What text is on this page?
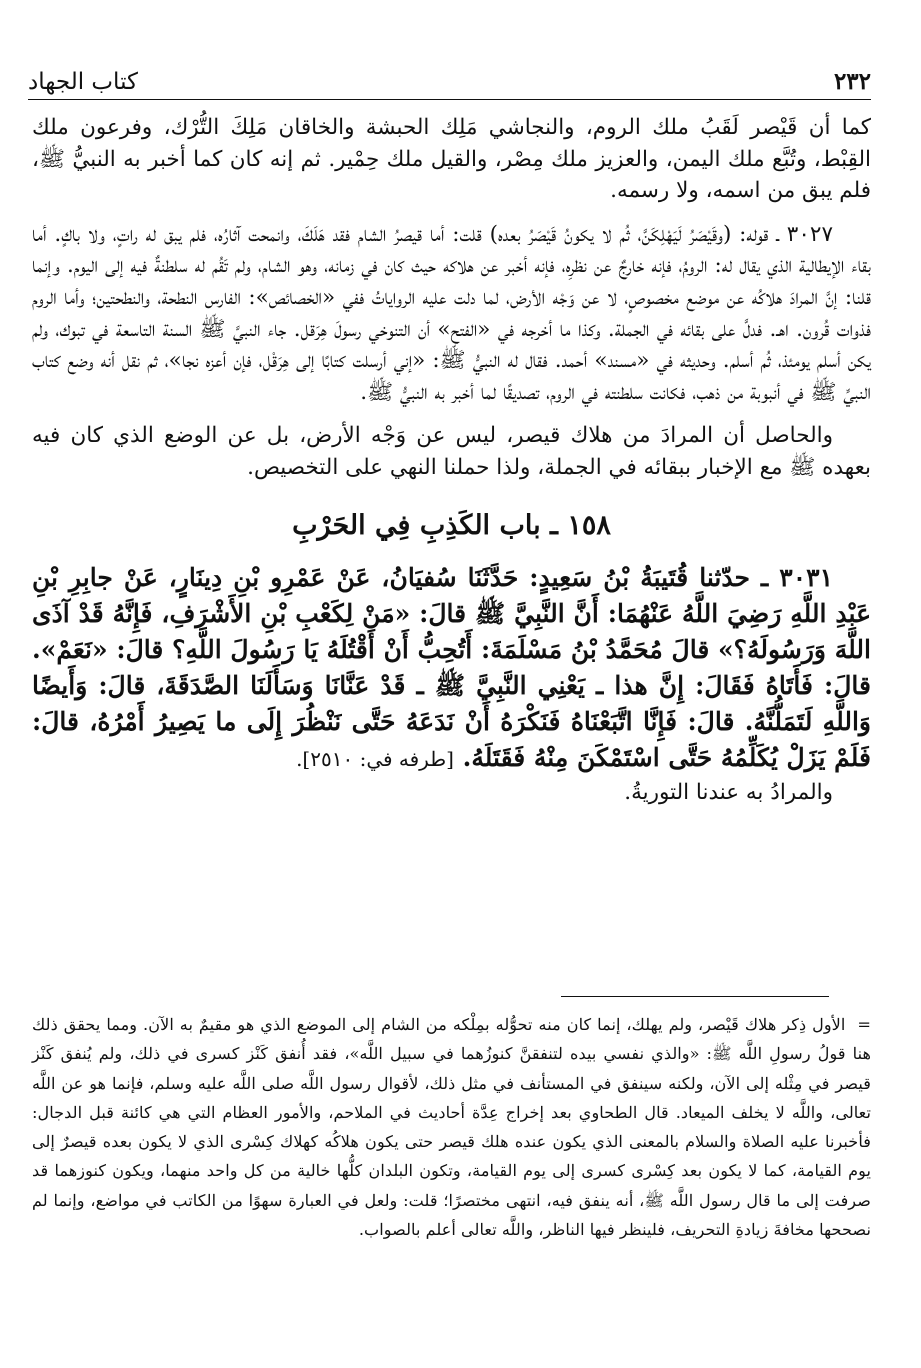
٢٣٢
كتاب الجهاد

كما أن قَيْصر لَقَبُ ملك الروم، والنجاشي مَلِك الحبشة والخاقان مَلِكَ التُّرْك، وفرعون ملك القِبْط، وتُبَّع ملك اليمن، والعزيز ملك مِصْر، والقيل ملك حِمْير. ثم إنه كان كما أخبر به النبيُّ ﷺ، فلم يبق من اسمه، ولا رسمه.

٣٠٢٧ ـ قوله: (وقَيْصَرُ لَيَهْلِكَنَّ، ثُم لا يكونُ قَيْصَرُ بعده) قلت: أما قيصرُ الشام فقد هَلَكَ، وانمحت آثارُه، فلم يبق له راتٍ، ولا باكٍ. أما بقاء الإيطالية الذي يقال له: الرومُ، فإنه خارجٌ عن نظرِه، فإنه أخبر عن هلاكه حيث كان في زمانه، وهو الشام، ولم تَقُم له سلطنةٌ فيه إلى اليوم. وإنما قلنا: إنَّ المرادَ هلاكُه عن موضع مخصوصٍ، لا عن وَجْه الأرض، لما دلت عليه الرواياتُ ففي «الخصائص»: الفارس النطحة، والنطحتين؛ وأما الروم فذوات قُرون. اهـ. فدلَّ على بقائه في الجملة. وكذا ما أخرجه في «الفتح» أن التنوخي رسولَ هِرَقل. جاء النبيَّ ﷺ السنة التاسعة في تبوك، ولم يكن أسلم يومئذ، ثُم أسلم. وحديثه في «مسند» أحمد. فقال له النبيُّ ﷺ: «إني أرسلت كتابًا إلى هِرَقْل، فإن أعزه نجا»، ثم نقل أنه وضع كتاب النبيِّ ﷺ في أنبوبة من ذهب، فكانت سلطنته في الروم، تصديقًا لما أخبر به النبيُّ ﷺ.

والحاصل أن المرادَ من هلاك قيصر، ليس عن وَجْه الأرض، بل عن الوضع الذي كان فيه بعهده ﷺ مع الإخبار ببقائه في الجملة، ولذا حملنا النهي على التخصيص.

١٥٨ ـ باب الكَذِبِ فِي الحَرْبِ

٣٠٣١ ـ حدّثنا قُتَيبَةُ بْنُ سَعِيدٍ: حَدَّثَنَا سُفيَانُ، عَنْ عَمْرِو بْنِ دِينَارٍ، عَنْ جابِرِ بْنِ عَبْدِ اللَّهِ رَضِيَ اللَّهُ عَنْهُمَا: أَنَّ النَّبِيَّ ﷺ قالَ: «مَنْ لِكَعْبِ بْنِ الأَشْرَفِ، فَإِنَّهُ قَدْ آذَى اللَّهَ وَرَسُولَهُ؟» قالَ مُحَمَّدُ بْنُ مَسْلَمَةَ: أَتُحِبُّ أَنْ أَقْتُلَهُ يَا رَسُولَ اللَّهِ؟ قالَ: «نَعَمْ». قالَ: فَأَتَاهُ فَقَالَ: إِنَّ هذا ـ يَعْنِي النَّبِيَّ ﷺ ـ قَدْ عَنَّانَا وَسَأَلَنَا الصَّدَقَةَ، قالَ: وَأَيضًا وَاللَّهِ لَتَمَلُّنَّهُ. قالَ: فَإِنَّا اتَّبَعْنَاهُ فَنَكْرَهُ أَنْ نَدَعَهُ حَتَّى نَنْظُرَ إِلَى ما يَصِيرُ أَمْرُهُ، قالَ: فَلَمْ يَزَلْ يُكَلِّمُهُ حَتَّى اسْتَمْكَنَ مِنْهُ فَقَتَلَهُ. [طرفه في: ٢٥١٠].

والمرادُ به عندنا التوريةُ.

=الأول ذِكر هلاك قَيْصر، ولم يهلك، إنما كان منه تحوُّله بمِلْكه من الشام إلى الموضع الذي هو مقيمٌ به الآن. ومما يحقق ذلك هنا قولُ رسولِ اللَّه ﷺ: «والذي نفسي بيده لتنفقنَّ كنوزُهما في سبيل اللَّه»، فقد أُنفق كَنْز كسرى في ذلك، ولم يُنفق كَنْز قيصر في مِثْله إلى الآن، ولكنه سينفق في المستأنف في مثل ذلك، لأقوال رسول اللَّه صلى اللَّه عليه وسلم، فإنما هو عن اللَّه تعالى، واللَّه لا يخلف الميعاد. قال الطحاوي بعد إخراج عِدَّة أحاديث في الملاحم، والأمور العظام التي هي كائنة قبل الدجال: فأخبرنا عليه الصلاة والسلام بالمعنى الذي يكون عنده هلك قيصر حتى يكون هلاكُه كهلاك كِسْرى الذي لا يكون بعده قيصرٌ إلى يوم القيامة، كما لا يكون بعد كِسْرى كسرى إلى يوم القيامة، وتكون البلدان كلُّها خالية من كل واحد منهما، ويكون كنوزهما قد صرفت إلى ما قال رسول اللَّه ﷺ، أنه ينفق فيه، انتهى مختصرًا؛ قلت: ولعل في العبارة سهوًا من الكاتب في مواضع، وإنما لم نصححها مخافةَ زيادةِ التحريف، فلينظر فيها الناظر، واللَّه تعالى أعلم بالصواب.
